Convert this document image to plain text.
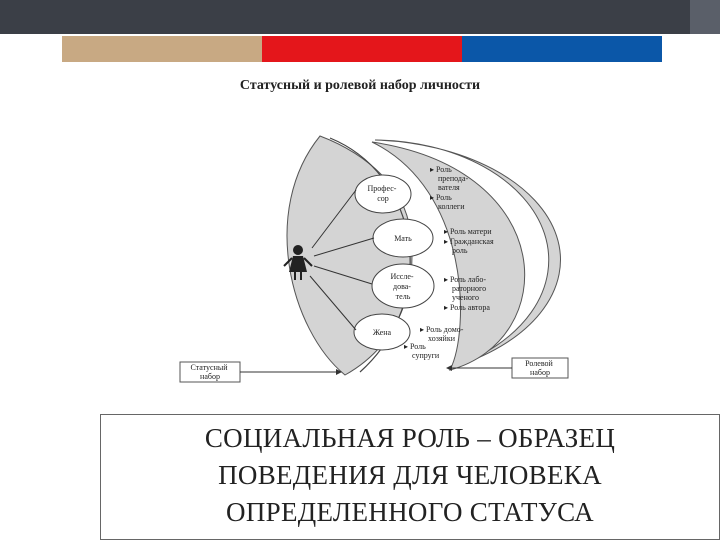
Статусный и ролевой набор личности
Профес- сор
Мать
Иссле- дова- тель
Жена
▸ Роль препода-вателя
▸ Роль коллеги
▸ Роль матери
▸ Гражданская роль
▸ Роль лабо-раторного ученого
▸ Роль автора
▸ Роль домо-хозяйки
▸ Роль супруги
Статусный набор
Ролевой набор
СОЦИАЛЬНАЯ РОЛЬ – ОБРАЗЕЦ
ПОВЕДЕНИЯ ДЛЯ ЧЕЛОВЕКА
ОПРЕДЕЛЕННОГО СТАТУСА
